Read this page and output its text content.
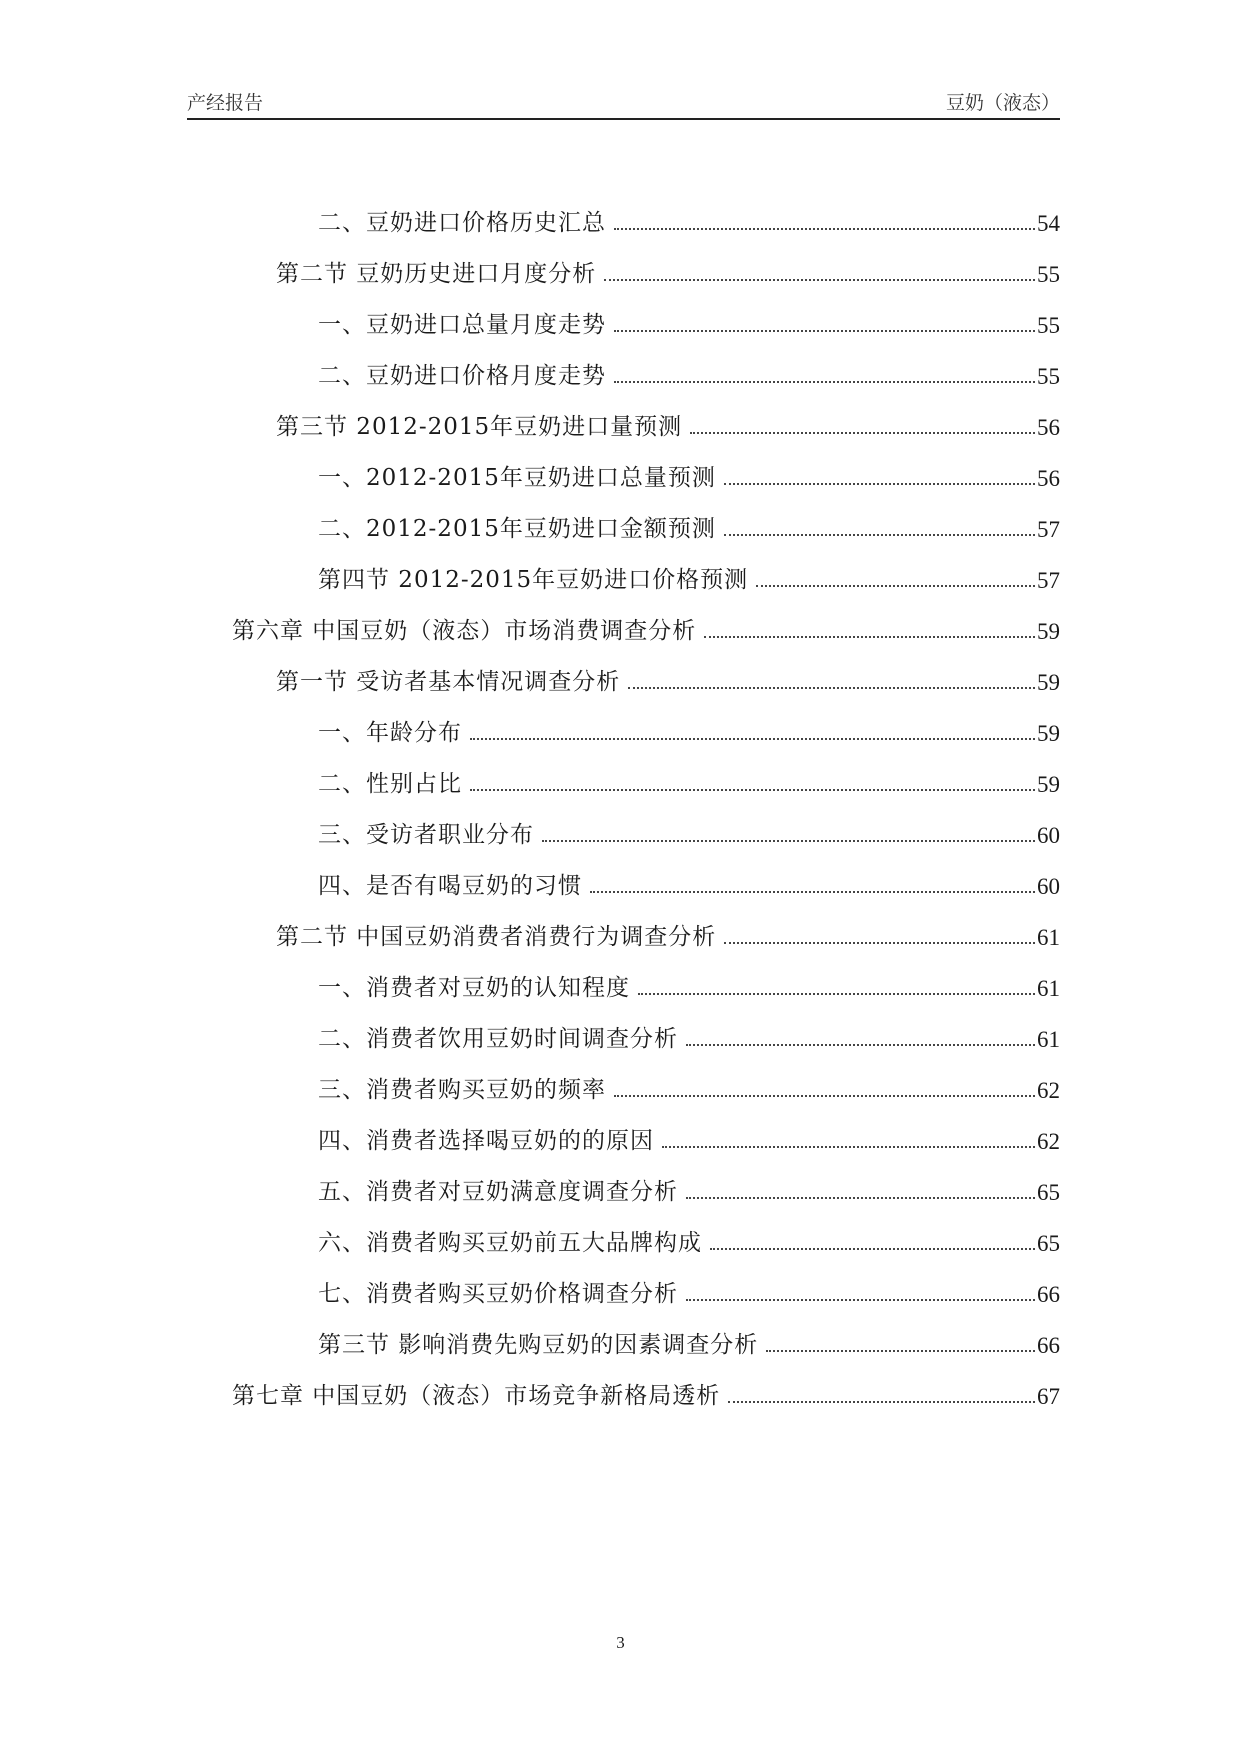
产经报告	豆奶（液态）
二、豆奶进口价格历史汇总	54
第二节 豆奶历史进口月度分析	55
一、豆奶进口总量月度走势	55
二、豆奶进口价格月度走势	55
第三节 2012-2015年豆奶进口量预测	56
一、2012-2015年豆奶进口总量预测	56
二、2012-2015年豆奶进口金额预测	57
第四节 2012-2015年豆奶进口价格预测	57
第六章 中国豆奶（液态）市场消费调查分析	59
第一节 受访者基本情况调查分析	59
一、年龄分布	59
二、性别占比	59
三、受访者职业分布	60
四、是否有喝豆奶的习惯	60
第二节 中国豆奶消费者消费行为调查分析	61
一、消费者对豆奶的认知程度	61
二、消费者饮用豆奶时间调查分析	61
三、消费者购买豆奶的频率	62
四、消费者选择喝豆奶的的原因	62
五、消费者对豆奶满意度调查分析	65
六、消费者购买豆奶前五大品牌构成	65
七、消费者购买豆奶价格调查分析	66
第三节 影响消费先购豆奶的因素调查分析	66
第七章 中国豆奶（液态）市场竞争新格局透析	67
3
